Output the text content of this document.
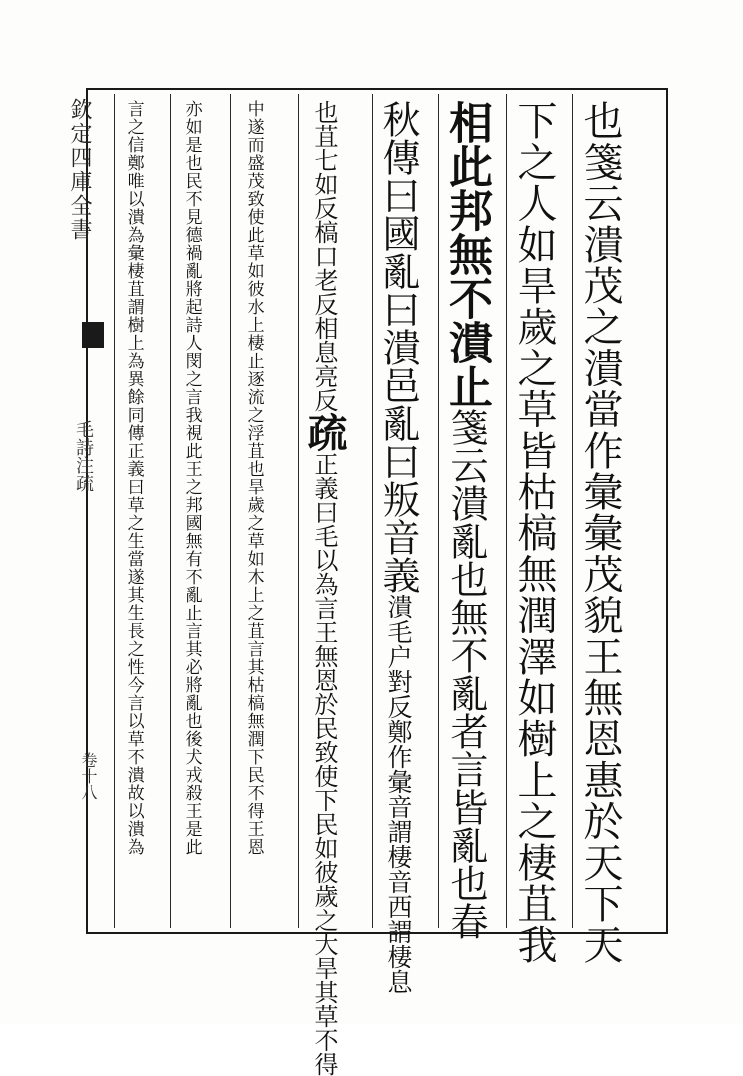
欽定四庫全書
毛詩注疏
卷十八	也箋云潰茂之潰當作彙彙茂貌王無恩惠於天下天
下之人如旱歲之草皆枯槁無潤澤如樹上之棲苴我
相此邦無不潰止箋云潰亂也無不亂者言皆亂也春
秋傳曰國亂曰潰邑亂曰叛音義潰毛户對反鄭作彙音謂棲音西謂棲息
也苴七如反槁口老反相息亮反疏正義曰毛以為言王無恩於民致使下民如彼歲之大旱其草不得
中遂而盛茂致使此草如彼水上棲止逐流之浮苴也旱歲之草如木上之苴言其枯槁無潤下民不得王恩
亦如是也民不見德禍亂將起詩人閔之言我視此王之邦國無有不亂止言其必將亂也後犬戎殺王是此
言之信鄭唯以潰為彙棲苴謂樹上為異餘同傳正義曰草之生當遂其生長之性今言以草不潰故以潰為
